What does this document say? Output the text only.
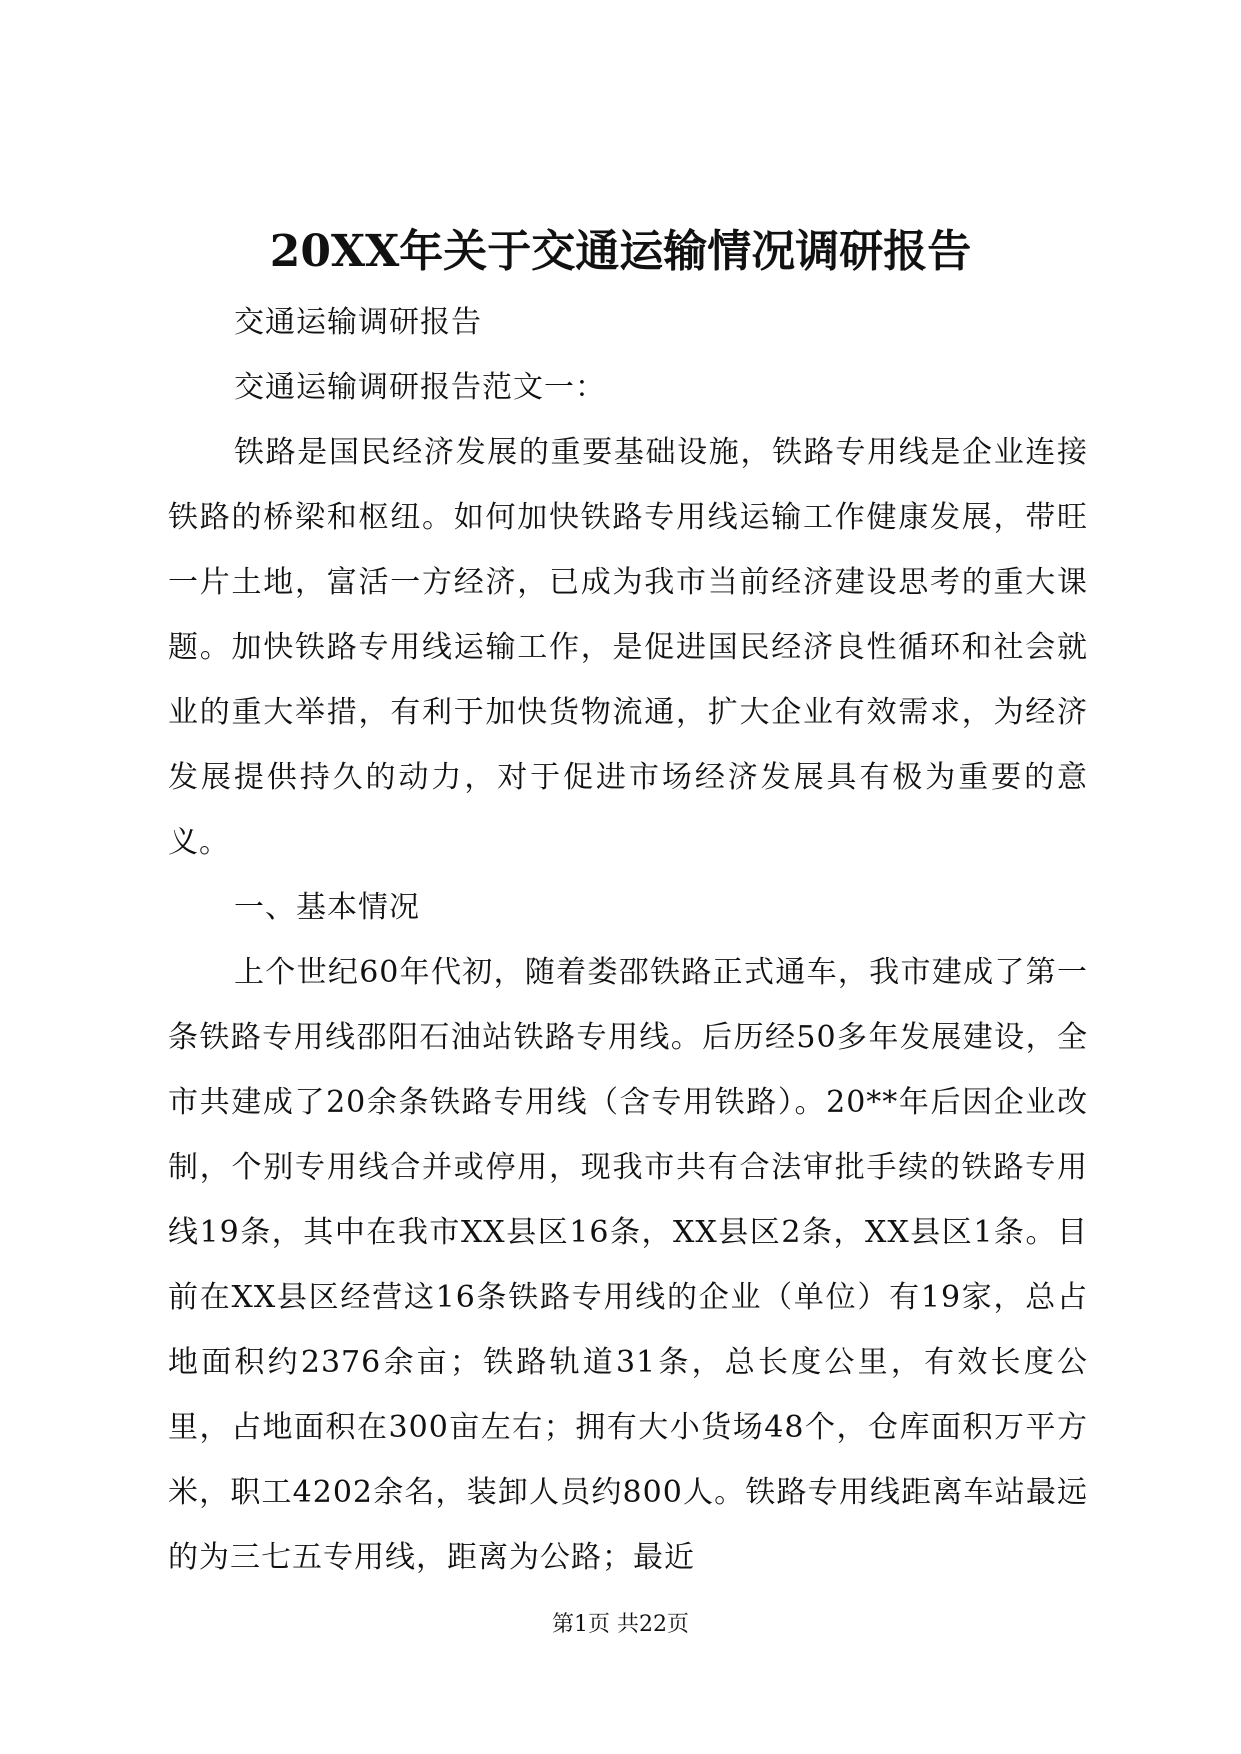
20XX年关于交通运输情况调研报告

交通运输调研报告

交通运输调研报告范文一：

铁路是国民经济发展的重要基础设施，铁路专用线是企业连接铁路的桥梁和枢纽。如何加快铁路专用线运输工作健康发展，带旺一片土地，富活一方经济，已成为我市当前经济建设思考的重大课题。加快铁路专用线运输工作，是促进国民经济良性循环和社会就业的重大举措，有利于加快货物流通，扩大企业有效需求，为经济发展提供持久的动力，对于促进市场经济发展具有极为重要的意义。

一、基本情况

上个世纪60年代初，随着娄邵铁路正式通车，我市建成了第一条铁路专用线邵阳石油站铁路专用线。后历经50多年发展建设，全市共建成了20余条铁路专用线（含专用铁路）。20**年后因企业改制，个别专用线合并或停用，现我市共有合法审批手续的铁路专用线19条，其中在我市XX县区16条，XX县区2条，XX县区1条。目前在XX县区经营这16条铁路专用线的企业（单位）有19家，总占地面积约2376余亩；铁路轨道31条，总长度公里，有效长度公里，占地面积在300亩左右；拥有大小货场48个，仓库面积万平方米，职工4202余名，装卸人员约800人。铁路专用线距离车站最远的为三七五专用线，距离为公路；最近

第1页 共22页
